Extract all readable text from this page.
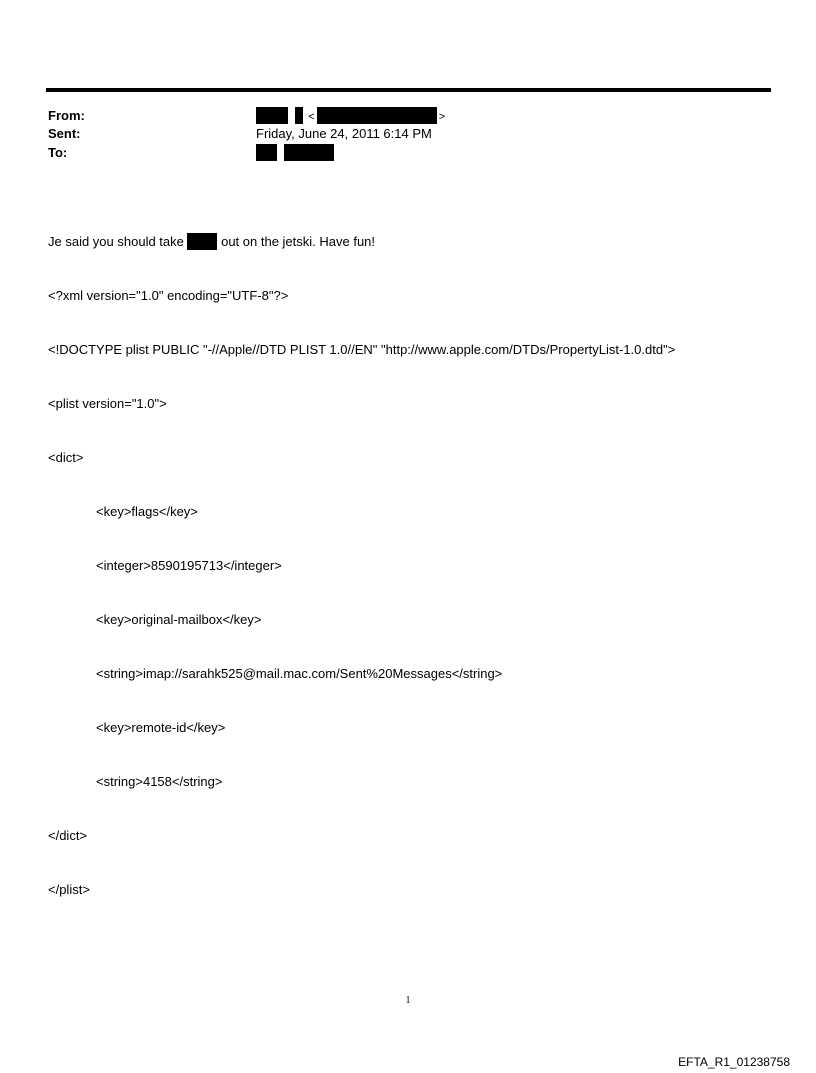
From:
Sent:
To:
<	>
Friday, June 24, 2011 6:14 PM

Je said you should take  out on the jetski. Have fun!

<?xml version="1.0" encoding="UTF-8"?>

<!DOCTYPE plist PUBLIC "-//Apple//DTD PLIST 1.0//EN" "http://www.apple.com/DTDs/PropertyList-1.0.dtd">

<plist version="1.0">

<dict>

<key>flags</key>

<integer>8590195713</integer>

<key>original-mailbox</key>

<string>imap://sarahk525@mail.mac.com/Sent%20Messages</string>

<key>remote-id</key>

<string>4158</string>

</dict>

</plist>

1
EFTA_R1_01238758
